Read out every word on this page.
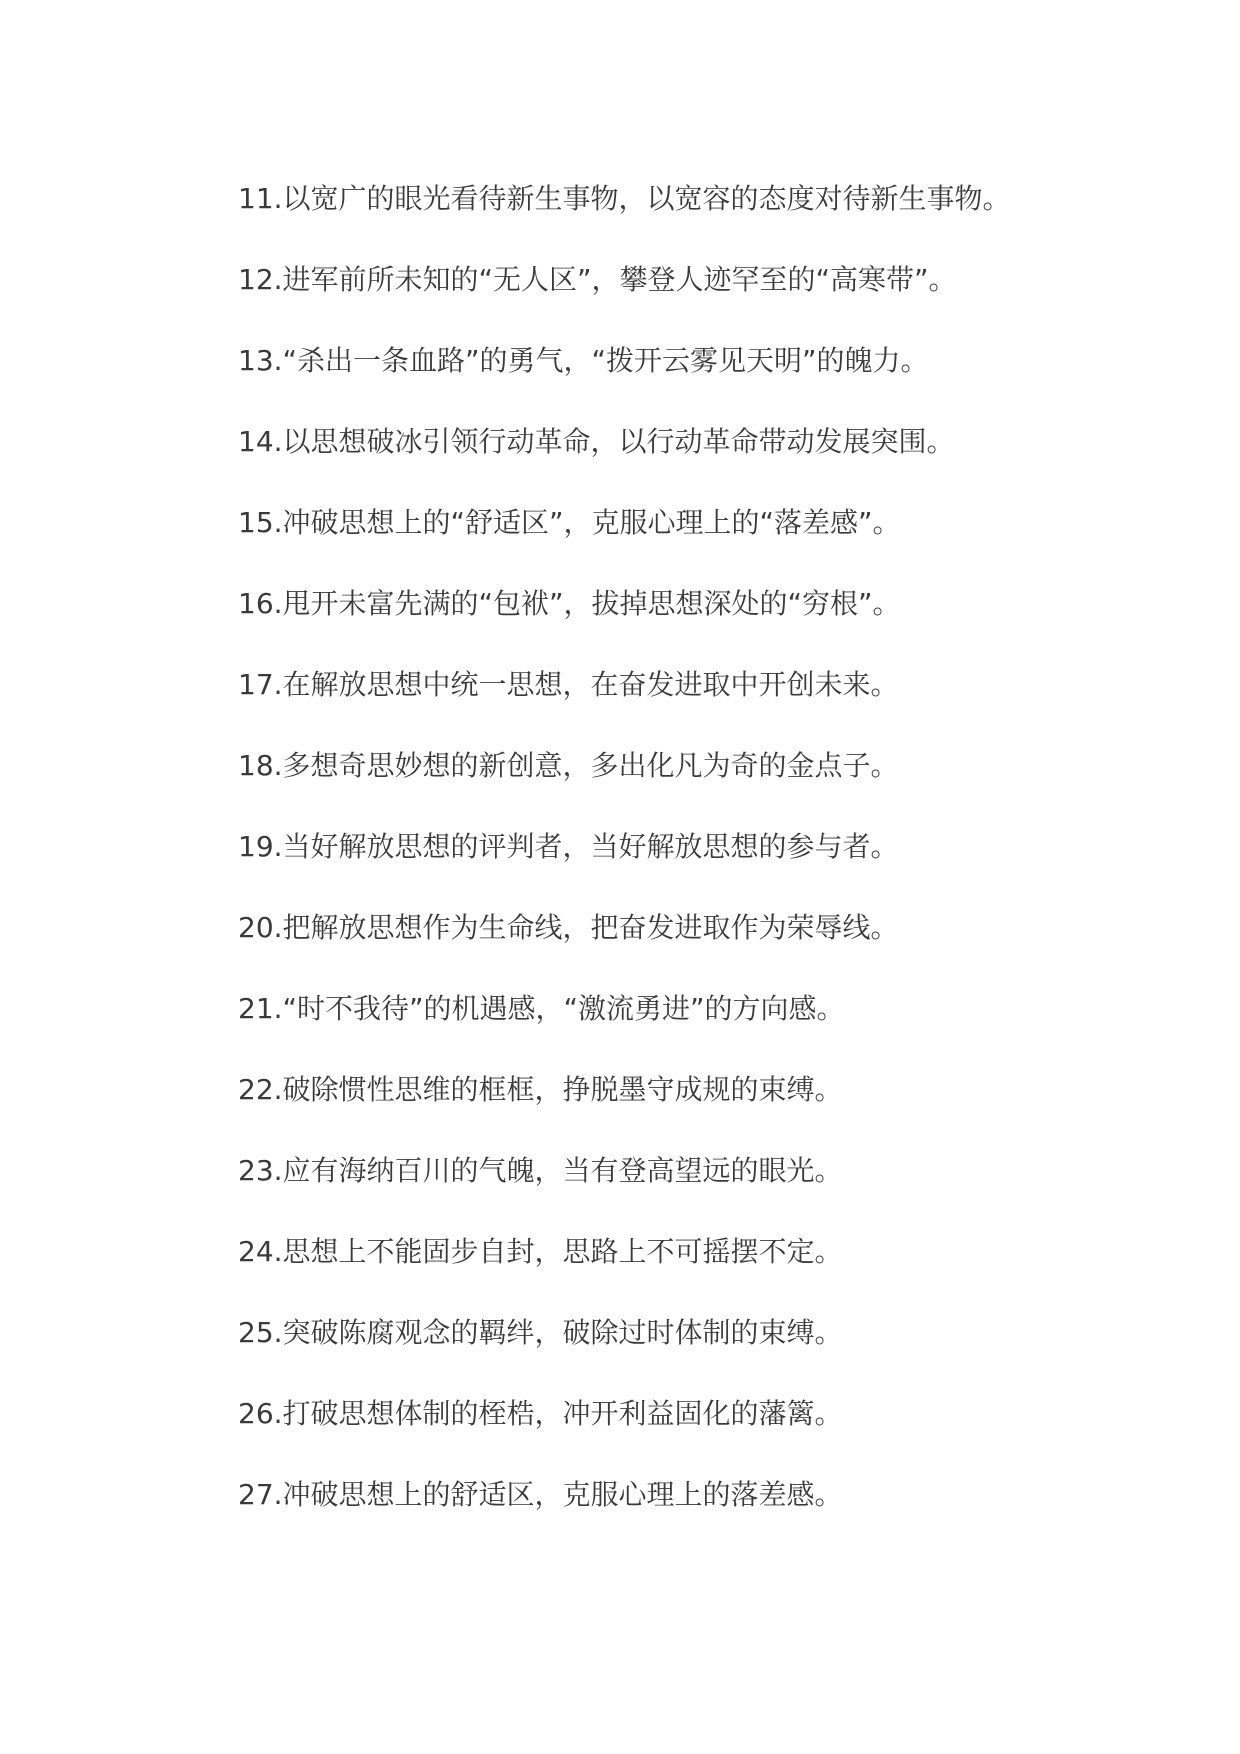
11.以宽广的眼光看待新生事物，以宽容的态度对待新生事物。
12.进军前所未知的“无人区”，攀登人迹罕至的“高寒带”。
13.“杀出一条血路”的勇气，“拨开云雾见天明”的魄力。
14.以思想破冰引领行动革命，以行动革命带动发展突围。
15.冲破思想上的“舒适区”，克服心理上的“落差感”。
16.甩开未富先满的“包袱”，拔掉思想深处的“穷根”。
17.在解放思想中统一思想，在奋发进取中开创未来。
18.多想奇思妙想的新创意，多出化凡为奇的金点子。
19.当好解放思想的评判者，当好解放思想的参与者。
20.把解放思想作为生命线，把奋发进取作为荣辱线。
21.“时不我待”的机遇感，“激流勇进”的方向感。
22.破除惯性思维的框框，挣脱墨守成规的束缚。
23.应有海纳百川的气魄，当有登高望远的眼光。
24.思想上不能固步自封，思路上不可摇摆不定。
25.突破陈腐观念的羁绊，破除过时体制的束缚。
26.打破思想体制的桎梏，冲开利益固化的藩篱。
27.冲破思想上的舒适区，克服心理上的落差感。
